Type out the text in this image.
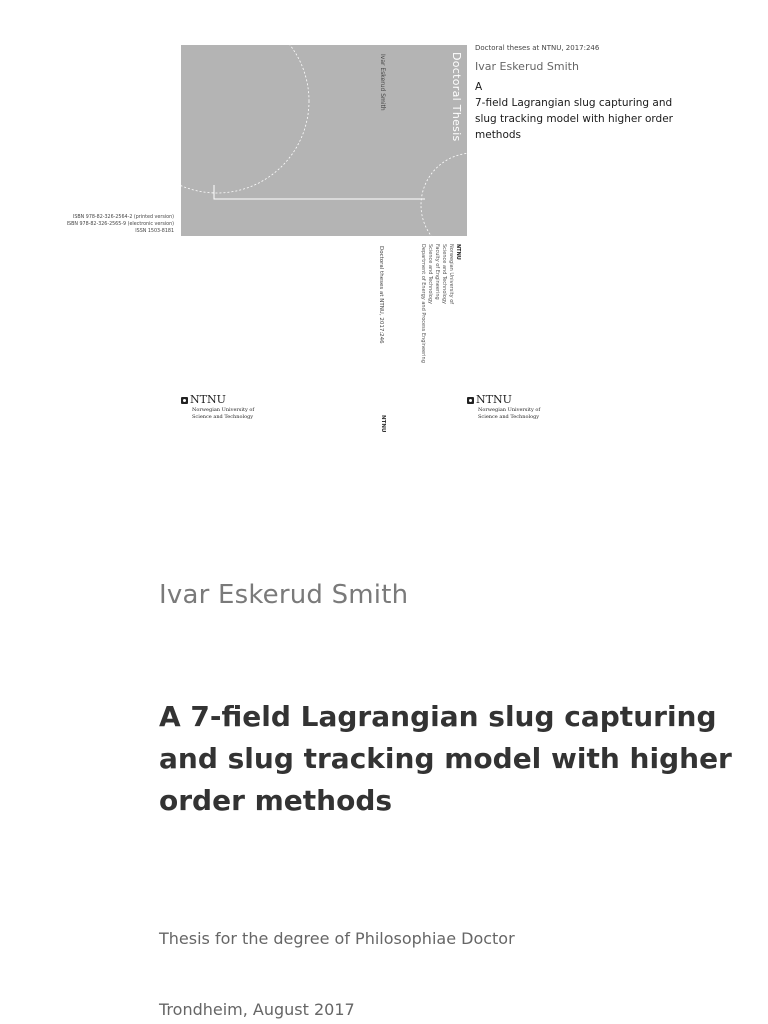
Ivar Eskerud Smith	Doctoral Thesis
Doctoral theses at NTNU, 2017:246
NTNU
NTNU
Norwegian University of
Science and Technology
Faculty of Engineering
Science and Technology
Department of Energy and Process Engineering
ISBN 978-82-326-2564-2 (printed version)
ISBN 978-82-326-2565-9 (electronic version)
ISSN 1503-8181
Doctoral theses at NTNU, 2017:246
Ivar Eskerud Smith
A
7-field Lagrangian slug capturing and
slug tracking model with higher order
methods
NTNU
Norwegian University of
Science and Technology
NTNU
Norwegian University of
Science and Technology
Ivar Eskerud Smith
A 7-field Lagrangian slug capturing
and slug tracking model with higher
order methods
Thesis for the degree of Philosophiae Doctor
Trondheim, August 2017
